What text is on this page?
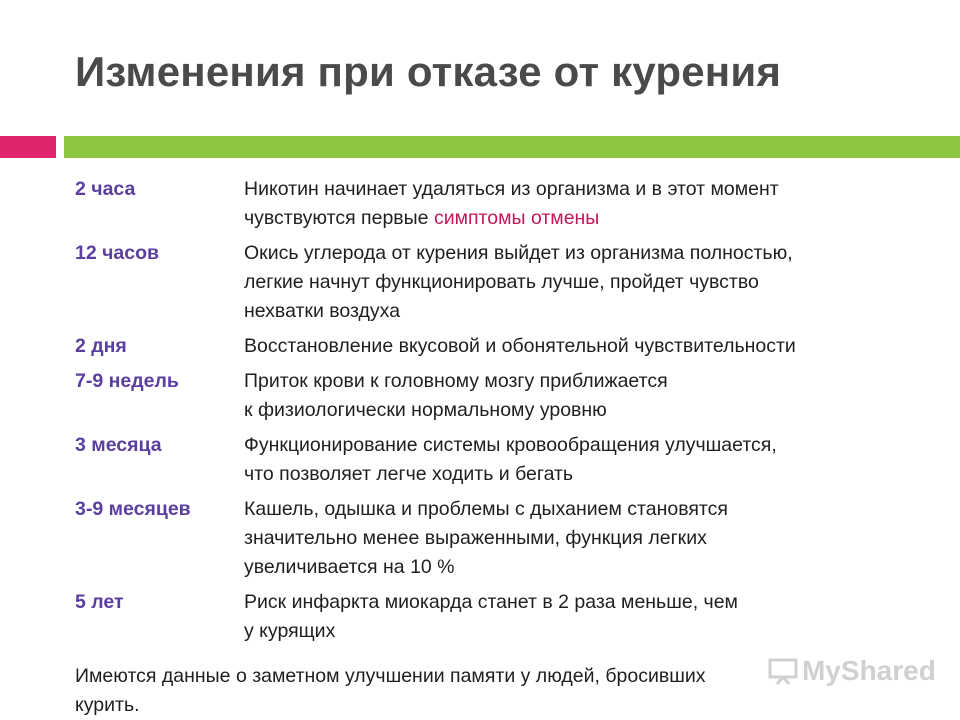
Изменения при отказе от курения
2 часа	Никотин начинает удаляться из организма и в этот момент
чувствуются первые симптомы отмены
12 часов	Окись углерода от курения выйдет из организма полностью,
легкие начнут функционировать лучше, пройдет чувство
нехватки воздуха
2 дня	Восстановление вкусовой и обонятельной чувствительности
7-9 недель	Приток крови к головному мозгу приближается
к физиологически нормальному уровню
3 месяца	Функционирование системы кровообращения улучшается,
что позволяет легче ходить и бегать
3-9 месяцев	Кашель, одышка и проблемы с дыханием становятся
значительно менее выраженными, функция легких
увеличивается на 10 %
5 лет	Риск инфаркта миокарда станет в 2 раза меньше, чем
у курящих
Имеются данные о заметном улучшении памяти у людей, бросивших
курить.
MyShared
